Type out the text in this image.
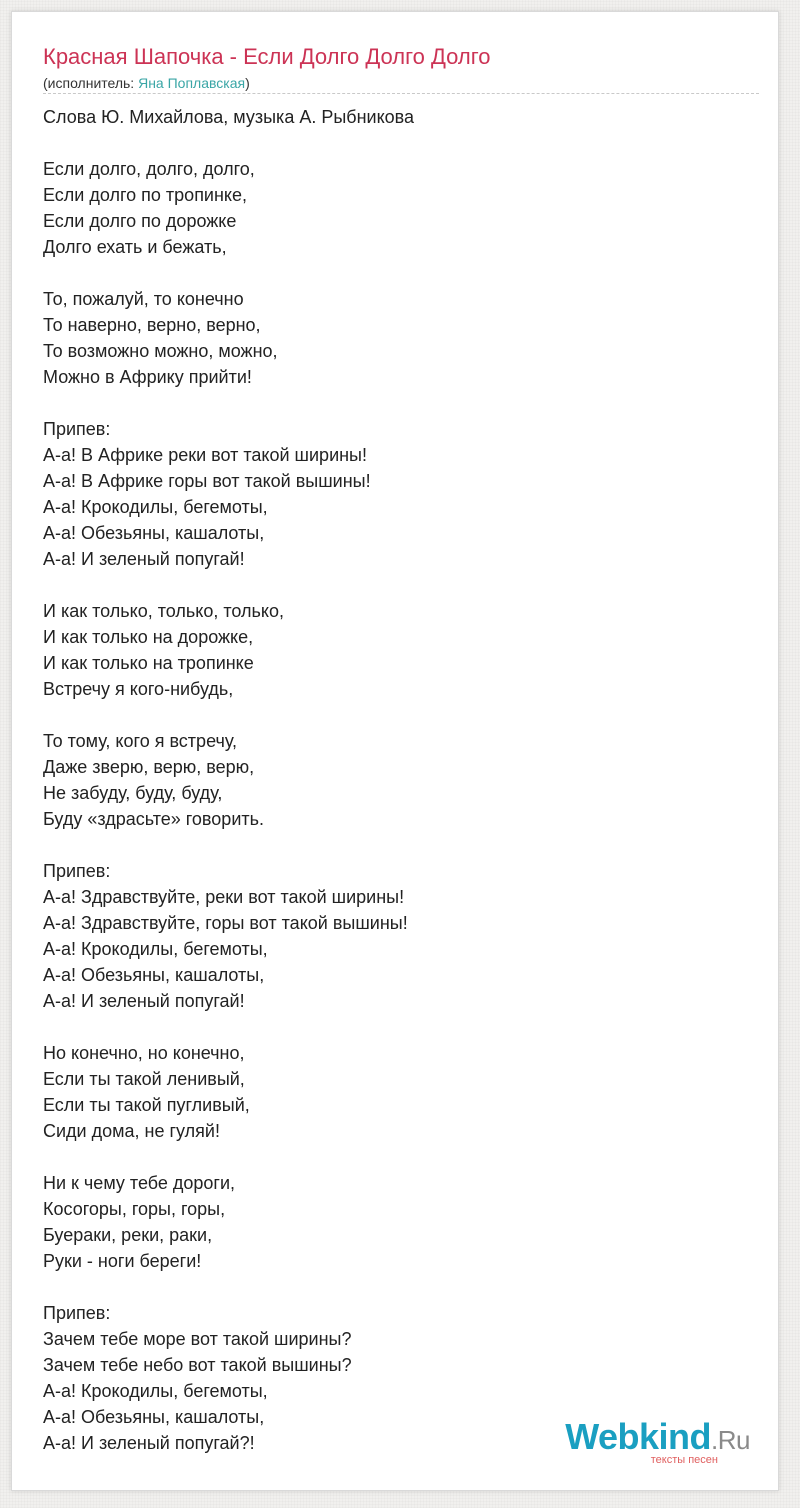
Красная Шапочка - Если Долго Долго Долго
(исполнитель: Яна Поплавская)
Слова Ю. Михайлова, музыка А. Рыбникова
Если долго, долго, долго,
Если долго по тропинке,
Если долго по дорожке
Долго ехать и бежать,
То, пожалуй, то конечно
То наверно, верно, верно,
То возможно можно, можно,
Можно в Африку прийти!
Припев:
А-а! В Африке реки вот такой ширины!
А-а! В Африке горы вот такой вышины!
А-а! Крокодилы, бегемоты,
А-а! Обезьяны, кашалоты,
А-а! И зеленый попугай!
И как только, только, только,
И как только на дорожке,
И как только на тропинке
Встречу я кого-нибудь,
То тому, кого я встречу,
Даже зверю, верю, верю,
Не забуду, буду, буду,
Буду «здрасьте» говорить.
Припев:
А-а! Здравствуйте, реки вот такой ширины!
А-а! Здравствуйте, горы вот такой вышины!
А-а! Крокодилы, бегемоты,
А-а! Обезьяны, кашалоты,
А-а! И зеленый попугай!
Но конечно, но конечно,
Если ты такой ленивый,
Если ты такой пугливый,
Сиди дома, не гуляй!
Ни к чему тебе дороги,
Косогоры, горы, горы,
Буераки, реки, раки,
Руки - ноги береги!
Припев:
Зачем тебе море вот такой ширины?
Зачем тебе небо вот такой вышины?
А-а! Крокодилы, бегемоты,
А-а! Обезьяны, кашалоты,
А-а! И зеленый попугай?!	Webkind.Ru
тексты песен
